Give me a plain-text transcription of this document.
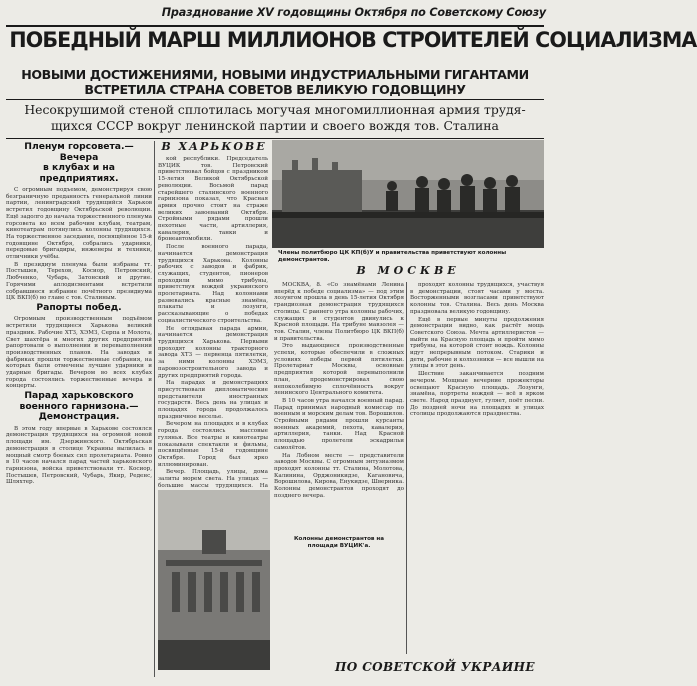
Празднование XV годовщины Октября по Советскому Союзу
ПОБЕДНЫЙ МАРШ МИЛЛИОНОВ СТРОИТЕЛЕЙ СОЦИАЛИЗМА
НОВЫМИ ДОСТИЖЕНИЯМИ, НОВЫМИ ИНДУСТРИАЛЬНЫМИ ГИГАНТАМИ
ВСТРЕТИЛА СТРАНА СОВЕТОВ ВЕЛИКУЮ ГОДОВЩИНУ
Несокрушимой стеной сплотилась могучая многомиллионная армия трудя-
щихся СССР вокруг ленинской партии и своего вождя тов. Сталина
Пленум горсовета.—Вечера
в клубах и на предприятиях.

С огромным подъемом, демонстрируя свою безграничную преданность генеральной линии партии, ленинградский трудящийся Харьков встретил годовщину Октябрьской революции. Ещё задолго до начала торжественного пленума горсовета ко всем рабочим клубам, театрам, кинотеатрам потянулись колонны трудящихся. На торжественное заседание, посвящённое 15-й годовщине Октября, собрались ударники, передовые бригадиры, инженеры и техники, отличники учёбы.

В президиум пленума были избраны тт. Постышев, Терехов, Косиор, Петровский, Любченко, Чубарь, Затонский и другие. Горячими аплодисментами встретили собравшиеся избрание почётного президиума ЦК ВКП(б) во главе с тов. Сталиным.

Рапорты побед.

Огромным производственным подъёмом встретили трудящиеся Харькова великий праздник. Рабочие ХТЗ, ХЭМЗ, Серпа и Молота, Свет шахтёра и многих других предприятий рапортовали о выполнении и перевыполнении производственных планов. На заводах и фабриках прошли торжественные собрания, на которых были отмечены лучшие ударники и ударные бригады. Вечером во всех клубах города состоялись торжественные вечера и концерты.

Парад харьковского военного гарнизона.—Демонстрация.

В этом году впервые в Харькове состоялся демонстрация трудящихся на огромной новой площади им. Дзержинского. Октябрьская демонстрация в столице Украины вылилась в мощный смотр боевых сил пролетариата. Ровно в 10 часов начался парад частей харьковского гарнизона, войска приветствовали тт. Косиор, Постышев, Петровский, Чубарь, Якир, Реденс, Шляхтер.

В ХАРЬКОВЕ

кой республики. Председатель ВУЦИК тов. Петровский приветствовал бойцов с праздником 15-летия Великой Октябрьской революции. Восьмой парад старейшего сталинского военного гарнизона показал, что Красная армия прочно стоит на страже великих завоеваний Октября. Стройными рядами прошли пехотные части, артиллерия, кавалерия, танки и бронеавтомобили.

После военного парада, начинается демонстрация трудящихся Харькова. Колонны рабочих с заводов и фабрик, служащих, студентов, пионеров проходили мимо трибуны, приветствуя вождей украинского пролетариата. Над колоннами развевались красные знамёна, плакаты и лозунги, рассказывающие о победах социалистического строительства.

Не оглядывая парада армии, начинается демонстрация трудящихся Харькова. Первыми проходят колонны тракторного завода ХТЗ — первенца пятилетки, за ними колонны ХЭМЗ, паровозостроительного завода и других предприятий города.

На парадах и демонстрациях присутствовали дипломатические представители иностранных государств. Весь день на улицах и площадях города продолжалось праздничное веселье.

Вечером на площадях и в клубах города состоялись массовые гулянья. Все театры и кинотеатры показывали спектакли и фильмы, посвящённые 15-й годовщине Октября. Город был ярко иллюминирован.

Вечер. Площадь, улицы, дома залиты морем света. На улицах — большие массы трудящихся. На

Члены политбюро ЦК КП(б)У и правительства приветствуют колонны демонстрантов.
В МОСКВЕ

МОСКВА, 8. «Со знамёнами Ленина вперёд к победе социализма» — под этим лозунгом прошла в день 15-летия Октября грандиозная демонстрация трудящихся столицы. С раннего утра колонны рабочих, служащих и студентов двинулись к Красной площади. На трибуне мавзолея — тов. Сталин, члены Политбюро ЦК ВКП(б) и правительства.

Это выдающиеся производственные успехи, которые обеспечили в сложных условиях победы первой пятилетки. Пролетариат Москвы, основные предприятия которой перевыполнили план, продемонстрировал свою непоколебимую сплочённость вокруг ленинского Центрального комитета.

В 10 часов утра начался военный парад. Парад принимал народный комиссар по военным и морским делам тов. Ворошилов. Стройными рядами прошли курсанты военных академий, пехота, кавалерия, артиллерия, танки. Над Красной площадью пролетели эскадрильи самолётов.

На Лобном месте — представители заводов Москвы. С огромным энтузиазмом проходят колонны тт. Сталина, Молотова, Калинина, Орджоникидзе, Кагановича, Ворошилова, Кирова, Енукидзе, Шверника. Колонны демонстрантов проходят до позднего вечера.

проходят колонны трудящихся, участвуя в демонстрации, стоят часами у моста. Восторженными возгласами приветствуют колонны тов. Сталина. Весь день Москва праздновала великую годовщину.

Ещё в первые минуты продолжения демонстрации видно, как растёт мощь Советского Союза. Мечта артиллеристов — выйти на Красную площадь и пройти мимо трибуны, на которой стоит вождь. Колонны идут непрерывным потоком. Старики и дети, рабочие и колхозники — все вышли на улицы в этот день.

Шествие заканчивается поздним вечером. Мощные вечерние прожекторы освещают Красную площадь. Лозунги, знамёна, портреты вождей — всё в ярком свете. Народ празднует, гуляет, поёт песни. До поздней ночи на площадях и улицах столицы продолжаются празднества.

Колонны демонстрантов на площади ВУЦИК'а.
ПО СОВЕТСКОЙ УКРАИНЕ
